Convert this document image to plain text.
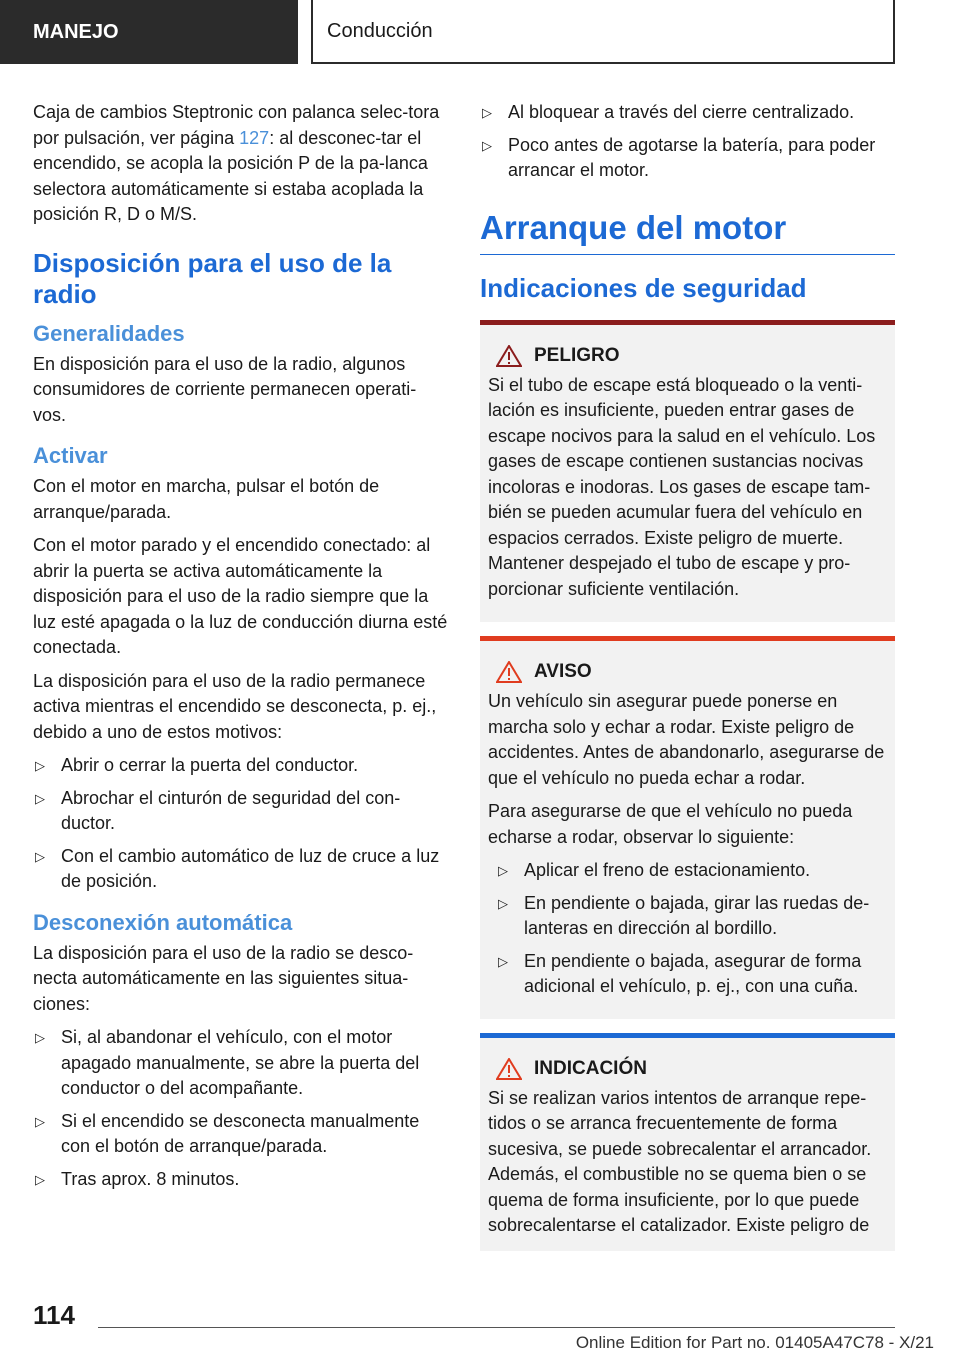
MANEJO	Conducción

Caja de cambios Steptronic con palanca selec-tora por pulsación, ver página 127: al desconec-tar el encendido, se acopla la posición P de la pa-lanca selectora automáticamente si estaba acoplada la posición R, D o M/S.

Disposición para el uso de la radio
Generalidades

En disposición para el uso de la radio, algunos consumidores de corriente permanecen operati-vos.

Activar

Con el motor en marcha, pulsar el botón de arranque/parada.

Con el motor parado y el encendido conectado: al abrir la puerta se activa automáticamente la disposición para el uso de la radio siempre que la luz esté apagada o la luz de conducción diurna esté conectada.

La disposición para el uso de la radio permanece activa mientras el encendido se desconecta, p. ej., debido a uno de estos motivos:

▷ Abrir o cerrar la puerta del conductor.
▷ Abrochar el cinturón de seguridad del con-ductor.
▷ Con el cambio automático de luz de cruce a luz de posición.
Desconexión automática

La disposición para el uso de la radio se desco-necta automáticamente en las siguientes situa-ciones:

▷ Si, al abandonar el vehículo, con el motor apagado manualmente, se abre la puerta del conductor o del acompañante.
▷ Si el encendido se desconecta manualmente con el botón de arranque/parada.
▷ Tras aprox. 8 minutos.
▷ Al bloquear a través del cierre centralizado.
▷ Poco antes de agotarse la batería, para poder arrancar el motor.
Arranque del motor
Indicaciones de seguridad
PELIGRO

Si el tubo de escape está bloqueado o la venti-lación es insuficiente, pueden entrar gases de escape nocivos para la salud en el vehículo. Los gases de escape contienen sustancias nocivas incoloras e inodoras. Los gases de escape tam-bién se pueden acumular fuera del vehículo en espacios cerrados. Existe peligro de muerte. Mantener despejado el tubo de escape y pro-porcionar suficiente ventilación.

AVISO

Un vehículo sin asegurar puede ponerse en marcha solo y echar a rodar. Existe peligro de accidentes. Antes de abandonarlo, asegurarse de que el vehículo no pueda echar a rodar.

Para asegurarse de que el vehículo no pueda echarse a rodar, observar lo siguiente:

▷ Aplicar el freno de estacionamiento.
▷ En pendiente o bajada, girar las ruedas de-lanteras en dirección al bordillo.
▷ En pendiente o bajada, asegurar de forma adicional el vehículo, p. ej., con una cuña.
INDICACIÓN

Si se realizan varios intentos de arranque repe-tidos o se arranca frecuentemente de forma sucesiva, se puede sobrecalentar el arrancador. Además, el combustible no se quema bien o se quema de forma insuficiente, por lo que puede sobrecalentarse el catalizador. Existe peligro de

114
Online Edition for Part no. 01405A47C78 - X/21
